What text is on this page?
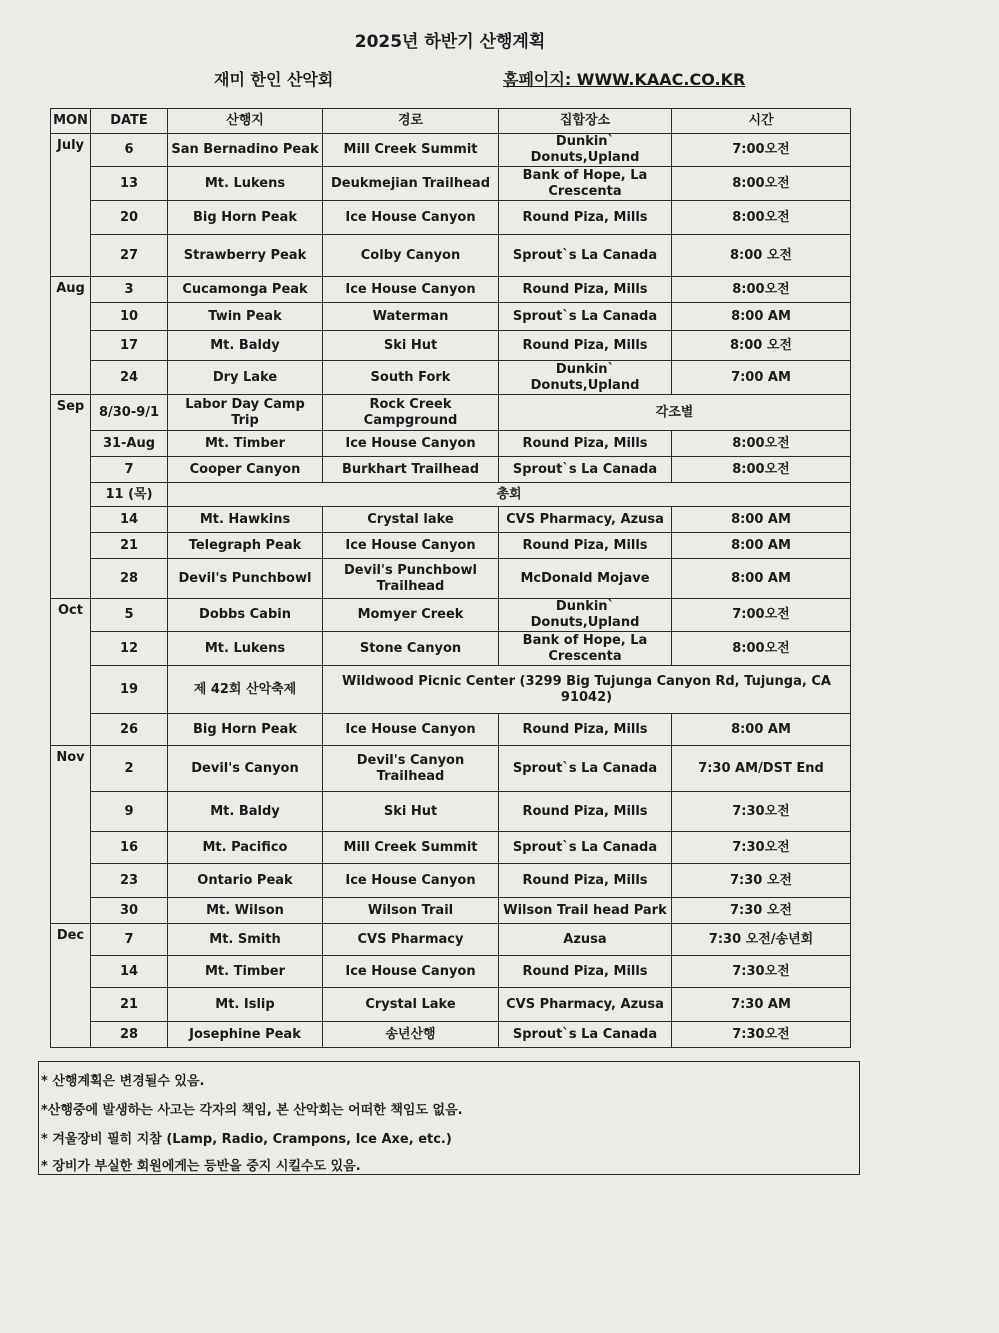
2025년 하반기 산행계획
재미 한인 산악회	홈페이지: WWW.KAAC.CO.KR
MON	DATE	산행지	경로	집합장소	시간
July	6	San Bernadino Peak	Mill Creek Summit	Dunkin` Donuts,Upland	7:00오전
	13	Mt. Lukens	Deukmejian Trailhead	Bank of Hope, La Crescenta	8:00오전
	20	Big Horn Peak	Ice House Canyon	Round Piza, Mills	8:00오전
	27	Strawberry Peak	Colby Canyon	Sprout`s La Canada	8:00 오전
Aug	3	Cucamonga Peak	Ice House Canyon	Round Piza, Mills	8:00오전
	10	Twin Peak	Waterman	Sprout`s La Canada	8:00 AM
	17	Mt. Baldy	Ski Hut	Round Piza, Mills	8:00 오전
	24	Dry Lake	South Fork	Dunkin` Donuts,Upland	7:00 AM
Sep	8/30-9/1	Labor Day Camp Trip	Rock Creek Campground	각조별	
	31-Aug	Mt. Timber	Ice House Canyon	Round Piza, Mills	8:00오전
	7	Cooper Canyon	Burkhart Trailhead	Sprout`s La Canada	8:00오전
	11 (목)	총회			
	14	Mt. Hawkins	Crystal lake	CVS Pharmacy, Azusa	8:00 AM
	21	Telegraph Peak	Ice House Canyon	Round Piza, Mills	8:00 AM
	28	Devil's Punchbowl	Devil's Punchbowl Trailhead	McDonald Mojave	8:00 AM
Oct	5	Dobbs Cabin	Momyer Creek	Dunkin` Donuts,Upland	7:00오전
	12	Mt. Lukens	Stone Canyon	Bank of Hope, La Crescenta	8:00오전
	19	제 42회 산악축제	Wildwood Picnic Center (3299 Big Tujunga Canyon Rd, Tujunga, CA 91042)		
	26	Big Horn Peak	Ice House Canyon	Round Piza, Mills	8:00 AM
Nov	2	Devil's Canyon	Devil's Canyon Trailhead	Sprout`s La Canada	7:30 AM/DST End
	9	Mt. Baldy	Ski Hut	Round Piza, Mills	7:30오전
	16	Mt. Pacifico	Mill Creek Summit	Sprout`s La Canada	7:30오전
	23	Ontario Peak	Ice House Canyon	Round Piza, Mills	7:30 오전
	30	Mt. Wilson	Wilson Trail	Wilson Trail head Park	7:30 오전
Dec	7	Mt. Smith	CVS Pharmacy	Azusa	7:30 오전/송년회
	14	Mt. Timber	Ice House Canyon	Round Piza, Mills	7:30오전
	21	Mt. Islip	Crystal Lake	CVS Pharmacy, Azusa	7:30 AM
	28	Josephine Peak	송년산행	Sprout`s La Canada	7:30오전

* 산행계획은 변경될수 있음.

*산행중에 발생하는 사고는 각자의 책임, 본 산악회는 어떠한 책임도 없음.

* 겨울장비 필히 지참 (Lamp, Radio, Crampons, Ice Axe, etc.)

* 장비가 부실한 회원에게는 등반을 중지 시킬수도 있음.
